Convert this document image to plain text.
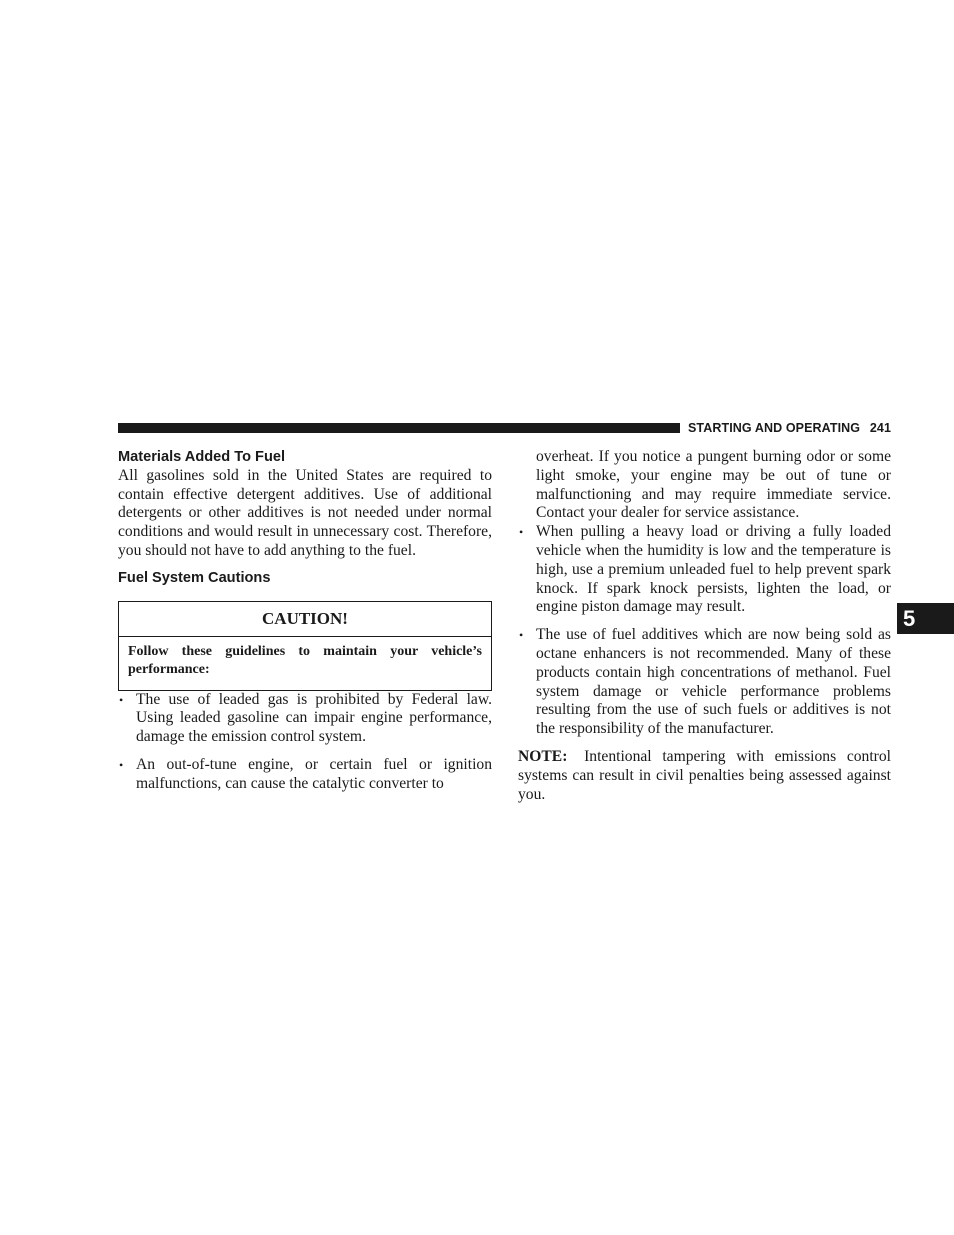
STARTING AND OPERATING 241
5
Materials Added To Fuel

All gasolines sold in the United States are required to contain effective detergent additives. Use of additional detergents or other additives is not needed under normal conditions and would result in unnecessary cost. Therefore, you should not have to add anything to the fuel.

Fuel System Cautions
CAUTION!
Follow these guidelines to maintain your vehicle’s performance:
• The use of leaded gas is prohibited by Federal law. Using leaded gasoline can impair engine performance, damage the emission control system.
• An out-of-tune engine, or certain fuel or ignition malfunctions, can cause the catalytic converter to

overheat. If you notice a pungent burning odor or some light smoke, your engine may be out of tune or malfunctioning and may require immediate service. Contact your dealer for service assistance.

• When pulling a heavy load or driving a fully loaded vehicle when the humidity is low and the temperature is high, use a premium unleaded fuel to help prevent spark knock. If spark knock persists, lighten the load, or engine piston damage may result.
• The use of fuel additives which are now being sold as octane enhancers is not recommended. Many of these products contain high concentrations of methanol. Fuel system damage or vehicle performance problems resulting from the use of such fuels or additives is not the responsibility of the manufacturer.

NOTE: Intentional tampering with emissions control systems can result in civil penalties being assessed against you.
